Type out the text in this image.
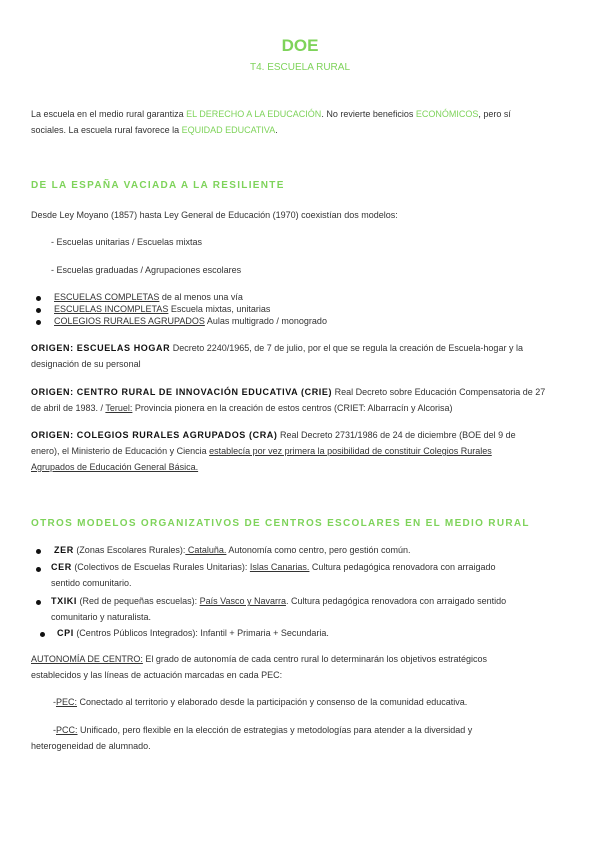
DOE
T4. ESCUELA RURAL
La escuela en el medio rural garantiza EL DERECHO A LA EDUCACIÓN. No revierte beneficios ECONÓMICOS, pero sí
sociales. La escuela rural favorece la EQUIDAD EDUCATIVA.
DE LA ESPAÑA VACIADA A LA RESILIENTE
Desde Ley Moyano (1857) hasta Ley General de Educación (1970) coexistían dos modelos:
- Escuelas unitarias / Escuelas mixtas
- Escuelas graduadas / Agrupaciones escolares
ESCUELAS COMPLETAS de al menos una vía
ESCUELAS INCOMPLETAS Escuela mixtas, unitarias
COLEGIOS RURALES AGRUPADOS Aulas multigrado / monogrado
ORIGEN: ESCUELAS HOGAR Decreto 2240/1965, de 7 de julio, por el que se regula la creación de Escuela-hogar y la
designación de su personal
ORIGEN: CENTRO RURAL DE INNOVACIÓN EDUCATIVA (CRIE) Real Decreto sobre Educación Compensatoria de 27
de abril de 1983. / Teruel: Provincia pionera en la creación de estos centros (CRIET: Albarracín y Alcorisa)
ORIGEN: COLEGIOS RURALES AGRUPADOS (CRA) Real Decreto 2731/1986 de 24 de diciembre (BOE del 9 de
enero), el Ministerio de Educación y Ciencia establecía por vez primera la posibilidad de constituir Colegios Rurales
Agrupados de Educación General Básica.
OTROS MODELOS ORGANIZATIVOS DE CENTROS ESCOLARES EN EL MEDIO RURAL
ZER (Zonas Escolares Rurales): Cataluña. Autonomía como centro, pero gestión común.
CER (Colectivos de Escuelas Rurales Unitarias): Islas Canarias. Cultura pedagógica renovadora con arraigado
sentido comunitario.
TXIKI (Red de pequeñas escuelas): País Vasco y Navarra. Cultura pedagógica renovadora con arraigado sentido
comunitario y naturalista.
CPI (Centros Públicos Integrados): Infantil + Primaria + Secundaria.
AUTONOMÍA DE CENTRO: El grado de autonomía de cada centro rural lo determinarán los objetivos estratégicos
establecidos y las líneas de actuación marcadas en cada PEC:
-PEC: Conectado al territorio y elaborado desde la participación y consenso de la comunidad educativa.
-PCC: Unificado, pero flexible en la elección de estrategias y metodologías para atender a la diversidad y
heterogeneidad de alumnado.
